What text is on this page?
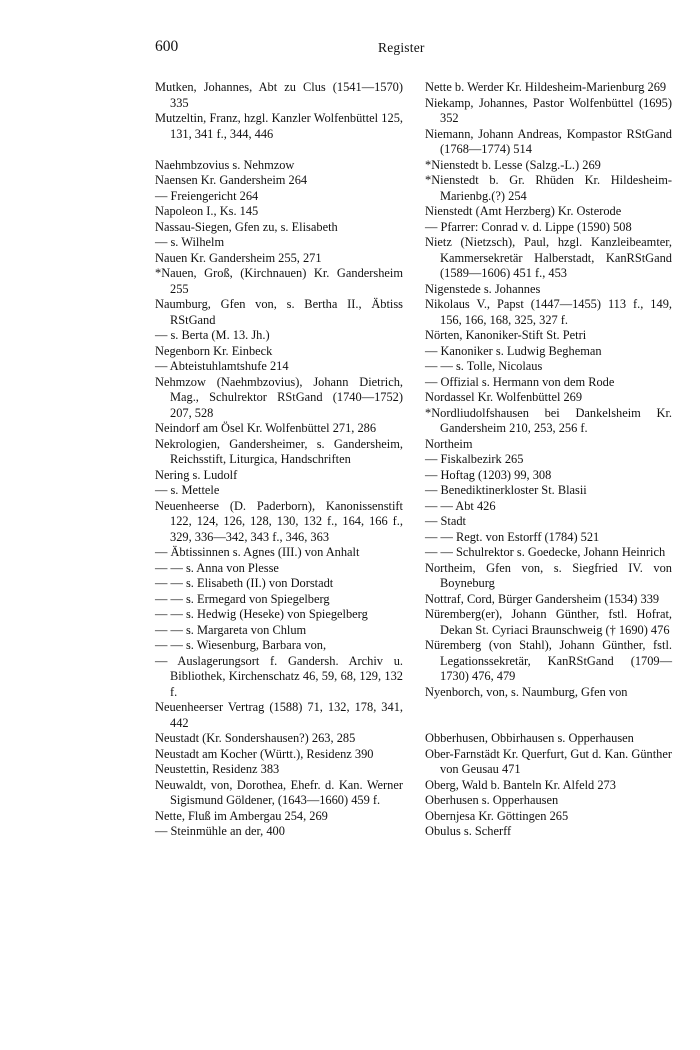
600	Register
Mutken, Johannes, Abt zu Clus (1541—1570) 335
Mutzeltin, Franz, hzgl. Kanzler Wolfenbüttel 125, 131, 341 f., 344, 446
Naehmbzovius s. Nehmzow
Naensen Kr. Gandersheim 264
— Freiengericht 264
Napoleon I., Ks. 145
Nassau-Siegen, Gfen zu, s. Elisabeth
— s. Wilhelm
Nauen Kr. Gandersheim 255, 271
*Nauen, Groß, (Kirchnauen) Kr. Gandersheim 255
Naumburg, Gfen von, s. Bertha II., Äbtiss RStGand
— s. Berta (M. 13. Jh.)
Negenborn Kr. Einbeck
— Abteistuhlamtshufe 214
Nehmzow (Naehmbzovius), Johann Dietrich, Mag., Schulrektor RStGand (1740—1752) 207, 528
Neindorf am Ösel Kr. Wolfenbüttel 271, 286
Nekrologien, Gandersheimer, s. Gandersheim, Reichsstift, Liturgica, Handschriften
Nering s. Ludolf
— s. Mettele
Neuenheerse (D. Paderborn), Kanonissenstift 122, 124, 126, 128, 130, 132 f., 164, 166 f., 329, 336—342, 343 f., 346, 363
— Äbtissinnen s. Agnes (III.) von Anhalt
— — s. Anna von Plesse
— — s. Elisabeth (II.) von Dorstadt
— — s. Ermegard von Spiegelberg
— — s. Hedwig (Heseke) von Spiegelberg
— — s. Margareta von Chlum
— — s. Wiesenburg, Barbara von,
— Auslagerungsort f. Gandersh. Archiv u. Bibliothek, Kirchenschatz 46, 59, 68, 129, 132 f.
Neuenheerser Vertrag (1588) 71, 132, 178, 341, 442
Neustadt (Kr. Sondershausen?) 263, 285
Neustadt am Kocher (Württ.), Residenz 390
Neustettin, Residenz 383
Neuwaldt, von, Dorothea, Ehefr. d. Kan. Werner Sigismund Göldener, (1643—1660) 459 f.
Nette, Fluß im Ambergau 254, 269
— Steinmühle an der, 400
Nette b. Werder Kr. Hildesheim-Marienburg 269
Niekamp, Johannes, Pastor Wolfenbüttel (1695) 352
Niemann, Johann Andreas, Kompastor RStGand (1768—1774) 514
*Nienstedt b. Lesse (Salzg.-L.) 269
*Nienstedt b. Gr. Rhüden Kr. Hildesheim-Marienbg.(?) 254
Nienstedt (Amt Herzberg) Kr. Osterode
— Pfarrer: Conrad v. d. Lippe (1590) 508
Nietz (Nietzsch), Paul, hzgl. Kanzleibeamter, Kammersekretär Halberstadt, KanRStGand (1589—1606) 451 f., 453
Nigenstede s. Johannes
Nikolaus V., Papst (1447—1455) 113 f., 149, 156, 166, 168, 325, 327 f.
Nörten, Kanoniker-Stift St. Petri
— Kanoniker s. Ludwig Begheman
— — s. Tolle, Nicolaus
— Offizial s. Hermann von dem Rode
Nordassel Kr. Wolfenbüttel 269
*Nordliudolfshausen bei Dankelsheim Kr. Gandersheim 210, 253, 256 f.
Northeim
— Fiskalbezirk 265
— Hoftag (1203) 99, 308
— Benediktinerkloster St. Blasii
— — Abt 426
— Stadt
— — Regt. von Estorff (1784) 521
— — Schulrektor s. Goedecke, Johann Heinrich
Northeim, Gfen von, s. Siegfried IV. von Boyneburg
Nottraf, Cord, Bürger Gandersheim (1534) 339
Nüremberg(er), Johann Günther, fstl. Hofrat, Dekan St. Cyriaci Braunschweig († 1690) 476
Nüremberg (von Stahl), Johann Günther, fstl. Legationssekretär, KanRStGand (1709—1730) 476, 479
Nyenborch, von, s. Naumburg, Gfen von
Obberhusen, Obbirhausen s. Opperhausen
Ober-Farnstädt Kr. Querfurt, Gut d. Kan. Günther von Geusau 471
Oberg, Wald b. Banteln Kr. Alfeld 273
Oberhusen s. Opperhausen
Obernjesa Kr. Göttingen 265
Obulus s. Scherff
